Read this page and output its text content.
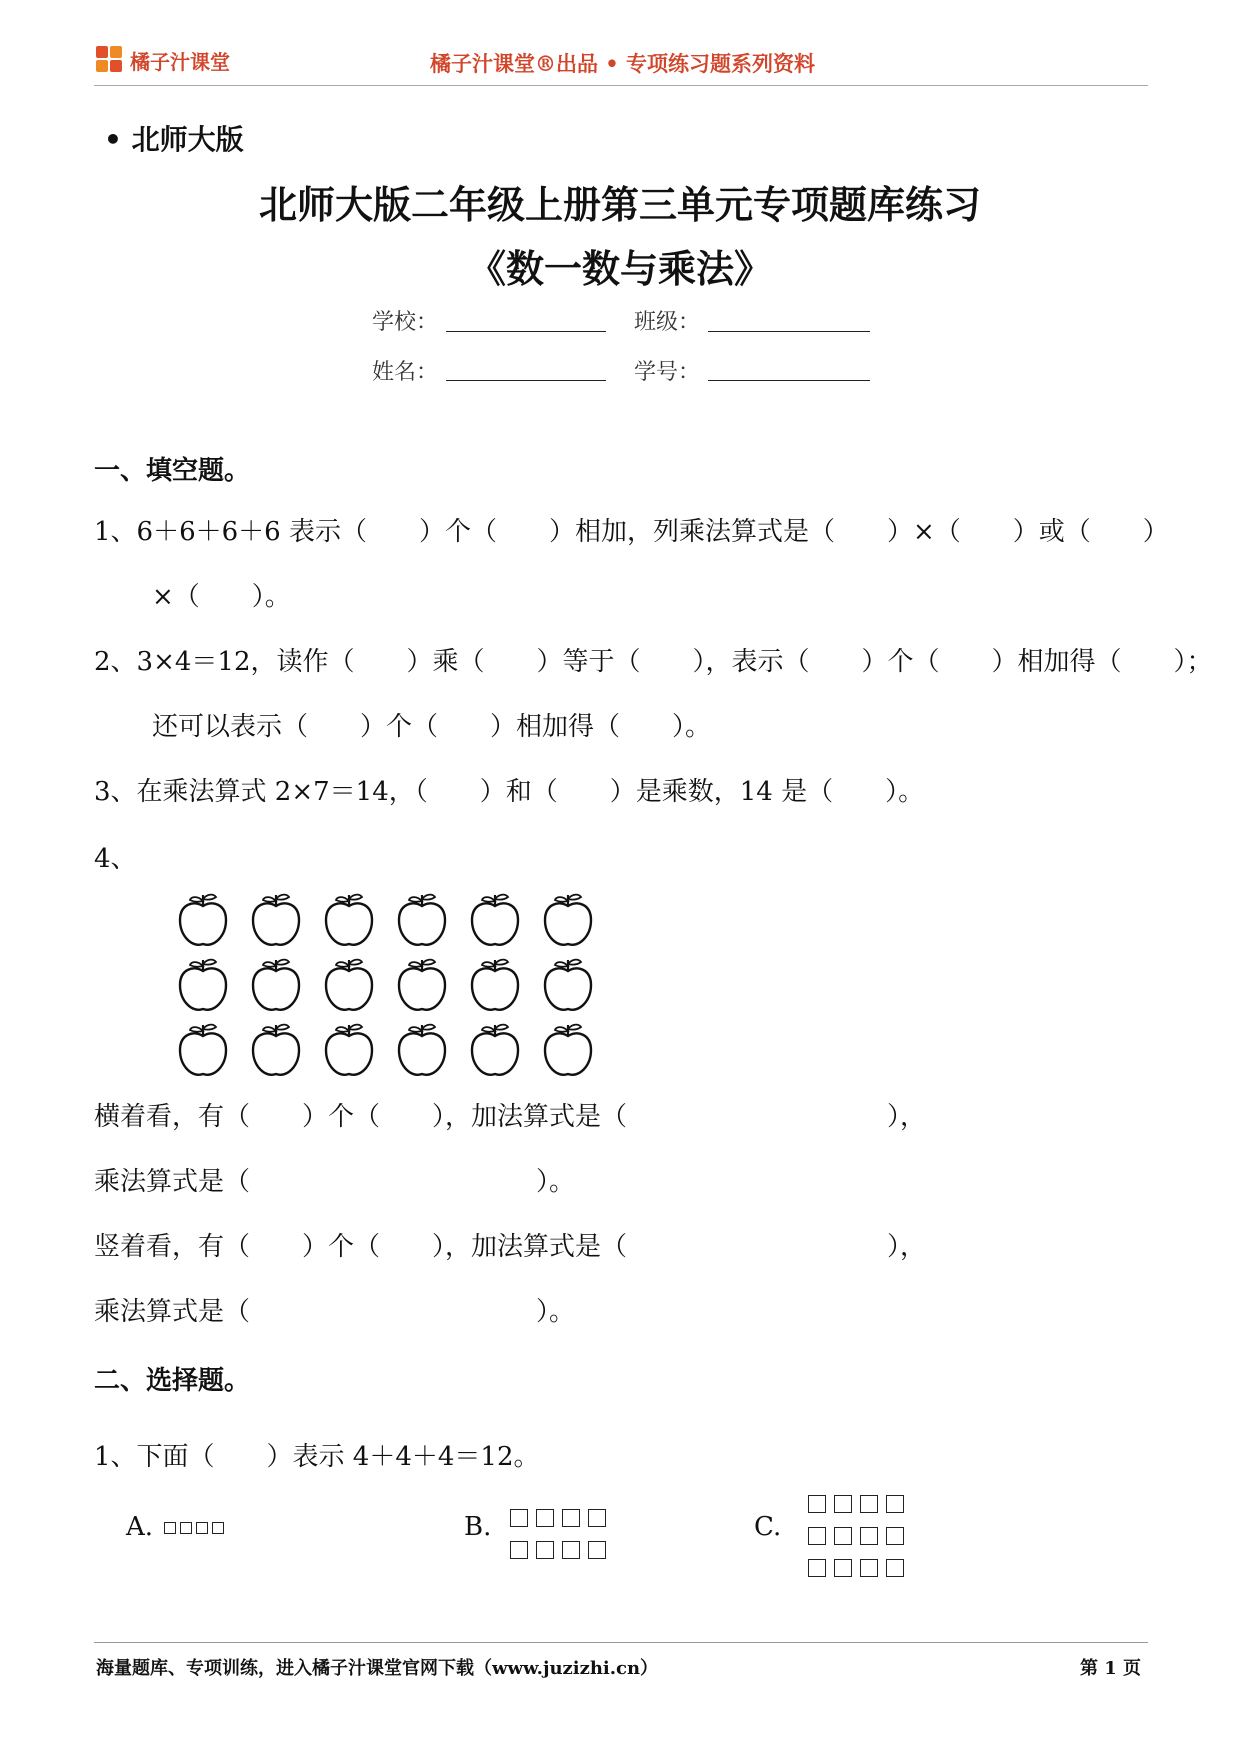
橘子汁课堂	橘子汁课堂®出品 • 专项练习题系列资料
• 北师大版
北师大版二年级上册第三单元专项题库练习
《数一数与乘法》
学校：	班级：
姓名：	学号：
一、填空题。
1、6＋6＋6＋6 表示（　　）个（　　）相加，列乘法算式是（　　）×（　　）或（　　）
×（　　）。
2、3×4＝12，读作（　　）乘（　　）等于（　　），表示（　　）个（　　）相加得（　　）；
还可以表示（　　）个（　　）相加得（　　）。
3、在乘法算式 2×7＝14，（　　）和（　　）是乘数，14 是（　　）。
4、
横着看，有（　　）个（　　），加法算式是（　　　　　　　　　　），
乘法算式是（　　　　　　　　　　　）。
竖着看，有（　　）个（　　），加法算式是（　　　　　　　　　　），
乘法算式是（　　　　　　　　　　　）。
二、选择题。
1、下面（　　）表示 4＋4＋4＝12。
A.	B.	C.
海量题库、专项训练，进入橘子汁课堂官网下载（www.juzizhi.cn）	第 1 页
